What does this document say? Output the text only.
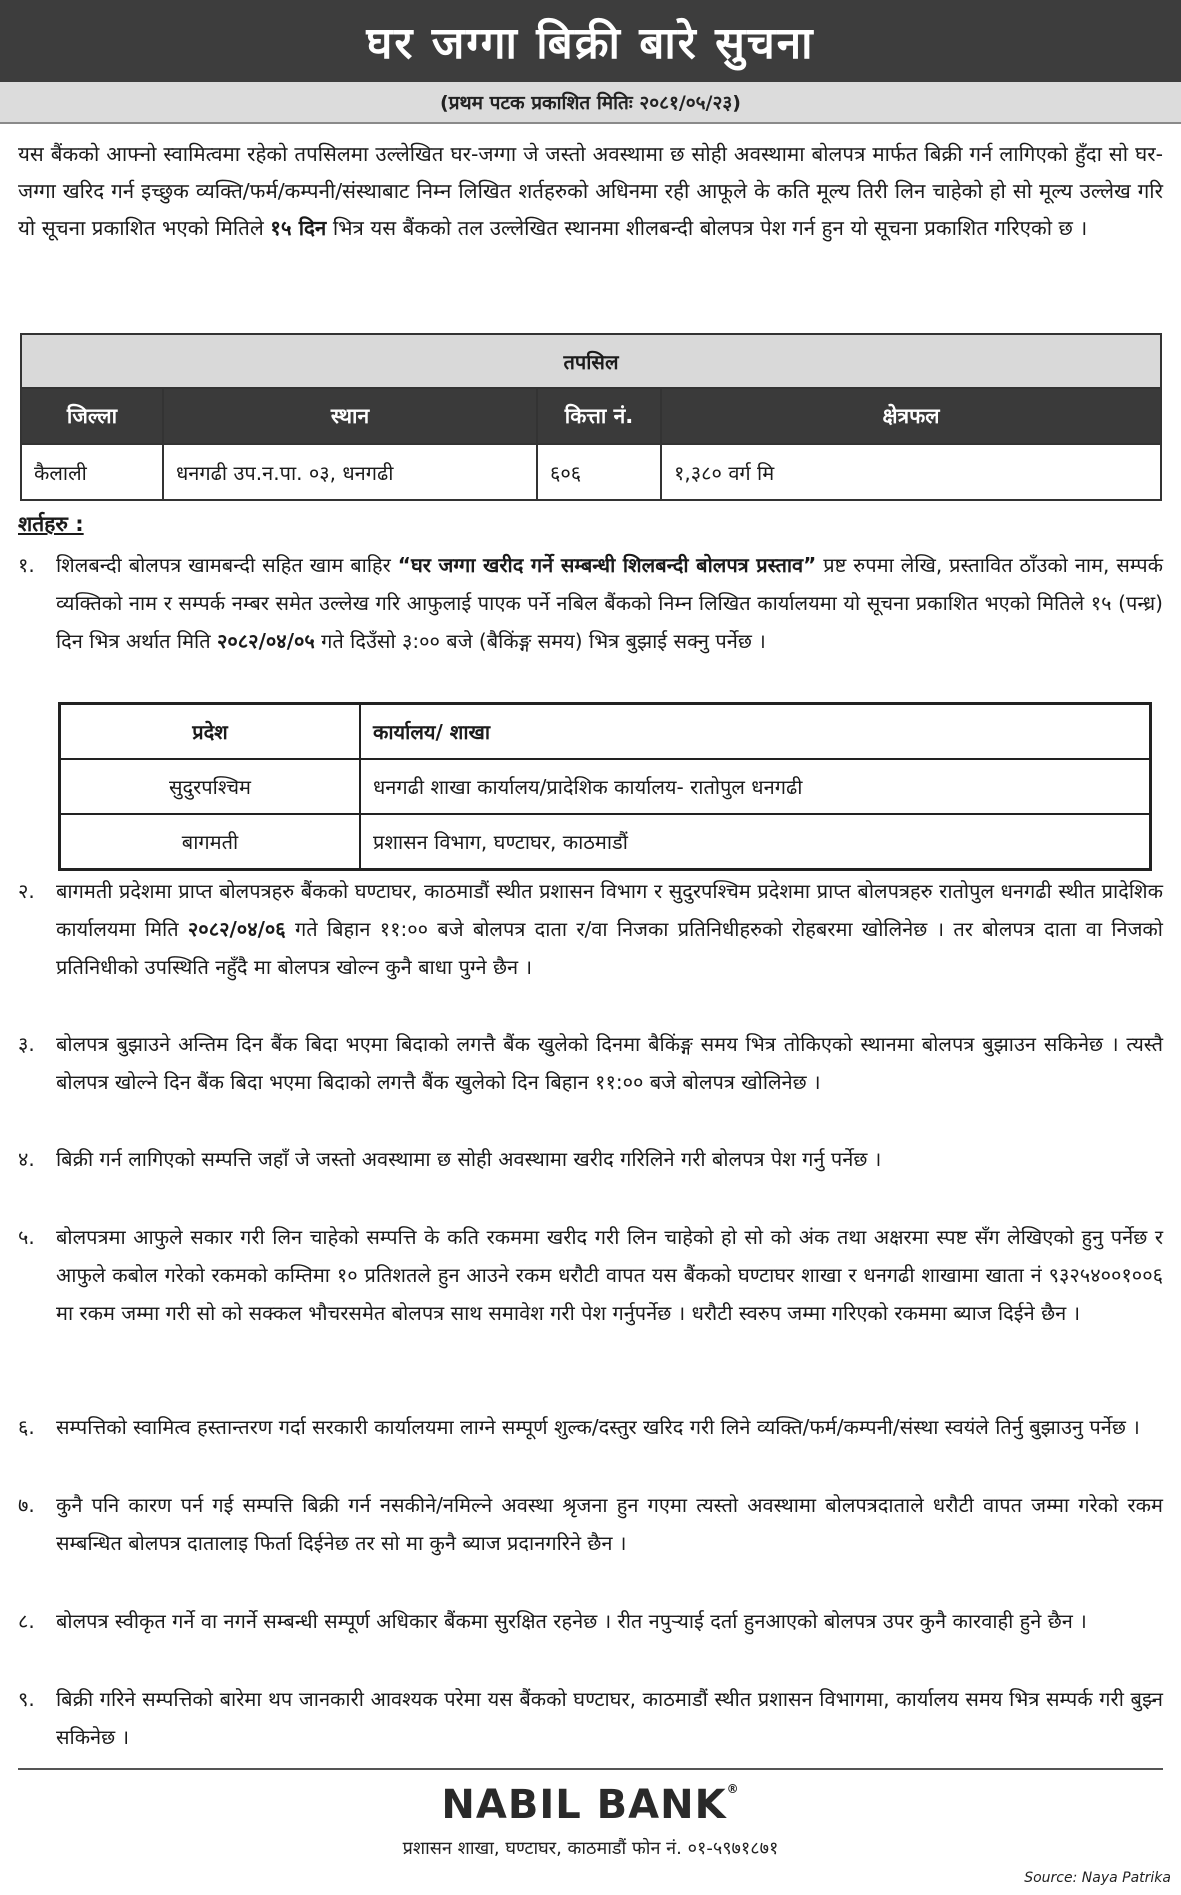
घर जग्गा बिक्री बारे सुचना
(प्रथम पटक प्रकाशित मितिः २०८१/०५/२३)

यस बैंकको आफ्नो स्वामित्वमा रहेको तपसिलमा उल्लेखित घर-जग्गा जे जस्तो अवस्थामा छ सोही अवस्थामा बोलपत्र मार्फत बिक्री गर्न लागिएको हुँदा सो घर-जग्गा खरिद गर्न इच्छुक व्यक्ति/फर्म/कम्पनी/संस्थाबाट निम्न लिखित शर्तहरुको अधिनमा रही आफूले के कति मूल्य तिरी लिन चाहेको हो सो मूल्य उल्लेख गरि यो सूचना प्रकाशित भएको मितिले १५ दिन भित्र यस बैंकको तल उल्लेखित स्थानमा शीलबन्दी बोलपत्र पेश गर्न हुन यो सूचना प्रकाशित गरिएको छ ।

तपसिल			
जिल्ला	स्थान	कित्ता नं.	क्षेत्रफल
कैलाली	धनगढी उप.न.पा. ०३, धनगढी	६०६	१,३८० वर्ग मि

शर्तहरु :

१.	शिलबन्दी बोलपत्र खामबन्दी सहित खाम बाहिर “घर जग्गा खरीद गर्ने सम्बन्धी शिलबन्दी बोलपत्र प्रस्ताव” प्रष्ट रुपमा लेखि, प्रस्तावित ठाँउको नाम, सम्पर्क व्यक्तिको नाम र सम्पर्क नम्बर समेत उल्लेख गरि आफुलाई पाएक पर्ने नबिल बैंकको निम्न लिखित कार्यालयमा यो सूचना प्रकाशित भएको मितिले १५ (पन्ध्र) दिन भित्र अर्थात मिति २०८२/०४/०५ गते दिउँसो ३:०० बजे (बैकिंङ्ग समय) भित्र बुझाई सक्नु पर्नेछ ।
प्रदेश	कार्यालय/ शाखा
सुदुरपश्चिम	धनगढी शाखा कार्यालय/प्रादेशिक कार्यालय- रातोपुल धनगढी
बागमती	प्रशासन विभाग, घण्टाघर, काठमाडौं
२.	बागमती प्रदेशमा प्राप्त बोलपत्रहरु बैंकको घण्टाघर, काठमाडौं स्थीत प्रशासन विभाग र सुदुरपश्चिम प्रदेशमा प्राप्त बोलपत्रहरु रातोपुल धनगढी स्थीत प्रादेशिक कार्यालयमा मिति २०८२/०४/०६ गते बिहान ११:०० बजे बोलपत्र दाता र/वा निजका प्रतिनिधीहरुको रोहबरमा खोलिनेछ । तर बोलपत्र दाता वा निजको प्रतिनिधीको उपस्थिति नहुँदै मा बोलपत्र खोल्न कुनै बाधा पुग्ने छैन ।
३.	बोलपत्र बुझाउने अन्तिम दिन बैंक बिदा भएमा बिदाको लगत्तै बैंक खुलेको दिनमा बैकिंङ्ग समय भित्र तोकिएको स्थानमा बोलपत्र बुझाउन सकिनेछ । त्यस्तै बोलपत्र खोल्ने दिन बैंक बिदा भएमा बिदाको लगत्तै बैंक खुलेको दिन बिहान ११:०० बजे बोलपत्र खोलिनेछ ।
४.	बिक्री गर्न लागिएको सम्पत्ति जहाँ जे जस्तो अवस्थामा छ सोही अवस्थामा खरीद गरिलिने गरी बोलपत्र पेश गर्नु पर्नेछ ।
५.	बोलपत्रमा आफुले सकार गरी लिन चाहेको सम्पत्ति के कति रकममा खरीद गरी लिन चाहेको हो सो को अंक तथा अक्षरमा स्पष्ट सँग लेखिएको हुनु पर्नेछ र आफुले कबोल गरेको रकमको कम्तिमा १० प्रतिशतले हुन आउने रकम धरौटी वापत यस बैंकको घण्टाघर शाखा र धनगढी शाखामा खाता नं ९३२५४००१००६ मा रकम जम्मा गरी सो को सक्कल भौचरसमेत बोलपत्र साथ समावेश गरी पेश गर्नुपर्नेछ । धरौटी स्वरुप जम्मा गरिएको रकममा ब्याज दिईने छैन ।
६.	सम्पत्तिको स्वामित्व हस्तान्तरण गर्दा सरकारी कार्यालयमा लाग्ने सम्पूर्ण शुल्क/दस्तुर खरिद गरी लिने व्यक्ति/फर्म/कम्पनी/संस्था स्वयंले तिर्नु बुझाउनु पर्नेछ ।
७.	कुनै पनि कारण पर्न गई सम्पत्ति बिक्री गर्न नसकीने/नमिल्ने अवस्था श्रृजना हुन गएमा त्यस्तो अवस्थामा बोलपत्रदाताले धरौटी वापत जम्मा गरेको रकम सम्बन्धित बोलपत्र दातालाइ फिर्ता दिईनेछ तर सो मा कुनै ब्याज प्रदानगरिने छैन ।
८.	बोलपत्र स्वीकृत गर्ने वा नगर्ने सम्बन्धी सम्पूर्ण अधिकार बैंकमा सुरक्षित रहनेछ । रीत नपुर्‍याई दर्ता हुनआएको बोलपत्र उपर कुनै कारवाही हुने छैन ।
९.	बिक्री गरिने सम्पत्तिको बारेमा थप जानकारी आवश्यक परेमा यस बैंकको घण्टाघर, काठमाडौं स्थीत प्रशासन विभागमा, कार्यालय समय भित्र सम्पर्क गरी बुझ्न सकिनेछ ।
NABIL BANK®
प्रशासन शाखा, घण्टाघर, काठमाडौं फोन नं. ०१-५९७१८७१
Source: Naya Patrika
